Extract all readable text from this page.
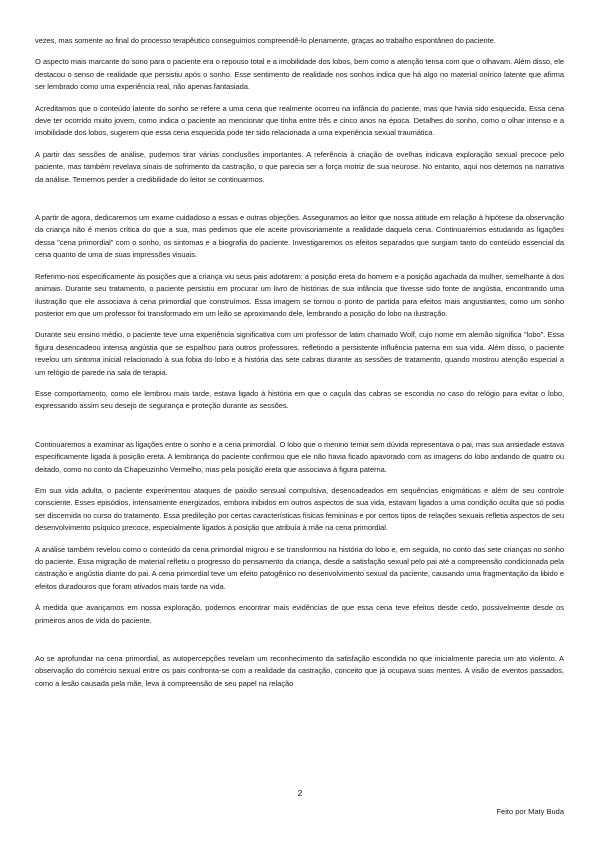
vezes, mas somente ao final do processo terapêutico conseguimos compreendê-lo plenamente, graças ao trabalho espontâneo do paciente.

O aspecto mais marcante do sono para o paciente era o repouso total e a imobilidade dos lobos, bem como a atenção tensa com que o olhavam. Além disso, ele destacou o senso de realidade que persistiu após o sonho. Esse sentimento de realidade nos sonhos indica que há algo no material onírico latente que afirma ser lembrado como uma experiência real, não apenas fantasiada.

Acreditamos que o conteúdo latente do sonho se refere a uma cena que realmente ocorreu na infância do paciente, mas que havia sido esquecida. Essa cena deve ter ocorrido muito jovem, como indica o paciente ao mencionar que tinha entre três e cinco anos na época. Detalhes do sonho, como o olhar intenso e a imobilidade dos lobos, sugerem que essa cena esquecida pode ter sido relacionada a uma experiência sexual traumática.

A partir das sessões de análise, pudemos tirar várias conclusões importantes. A referência à criação de ovelhas indicava exploração sexual precoce pelo paciente, mas também revelava sinais de sofrimento da castração, o que parecia ser a força motriz de sua neurose. No entanto, aqui nos detemos na narrativa da análise. Tememos perder a credibilidade do leitor se continuarmos.

A partir de agora, dedicaremos um exame cuidadoso a essas e outras objeções. Asseguramos ao leitor que nossa atitude em relação à hipótese da observação da criança não é menos crítica do que a sua, mas pedimos que ele aceite provisoriamente a realidade daquela cena. Continuaremos estudando as ligações dessa "cena primordial" com o sonho, os sintomas e a biografia do paciente. Investigaremos os efeitos separados que surgiam tanto do conteúdo essencial da cena quanto de uma de suas impressões visuais.

Referimo-nos especificamente às posições que a criança viu seus pais adotarem: a posição ereta do homem e a posição agachada da mulher, semelhante à dos animais. Durante seu tratamento, o paciente persistiu em procurar um livro de histórias de sua infância que tivesse sido fonte de angústia, encontrando uma ilustração que ele associava à cena primordial que construímos. Essa imagem se tornou o ponto de partida para efeitos mais angustiantes, como um sonho posterior em que um professor foi transformado em um leão se aproximando dele, lembrando a posição do lobo na ilustração.

Durante seu ensino médio, o paciente teve uma experiência significativa com um professor de latim chamado Wolf, cujo nome em alemão significa "lobo". Essa figura desencadeou intensa angústia que se espalhou para outros professores, refletindo a persistente influência paterna em sua vida. Além disso, o paciente revelou um sintoma inicial relacionado à sua fobia do lobo e à história das sete cabras durante as sessões de tratamento, quando mostrou atenção especial a um relógio de parede na sala de terapia.

Esse comportamento, como ele lembrou mais tarde, estava ligado à história em que o caçula das cabras se escondia no caso do relógio para evitar o lobo, expressando assim seu desejo de segurança e proteção durante as sessões.

Continuaremos a examinar as ligações entre o sonho e a cena primordial. O lobo que o menino temia sem dúvida representava o pai, mas sua ansiedade estava especificamente ligada à posição ereta. A lembrança do paciente confirmou que ele não havia ficado apavorado com as imagens do lobo andando de quatro ou deitado, como no conto da Chapeuzinho Vermelho, mas pela posição ereta que associava à figura paterna.

Em sua vida adulta, o paciente experimentou ataques de paixão sensual compulsiva, desencadeados em sequências enigmáticas e além de seu controle consciente. Esses episódios, intensamente energizados, embora inibidos em outros aspectos de sua vida, estavam ligados a uma condição oculta que só podia ser discernida no curso do tratamento. Essa predileção por certas características físicas femininas e por certos tipos de relações sexuais refletia aspectos de seu desenvolvimento psíquico precoce, especialmente ligados à posição que atribuía à mãe na cena primordial.

A análise também revelou como o conteúdo da cena primordial migrou e se transformou na história do lobo e, em seguida, no conto das sete crianças no sonho do paciente. Essa migração de material refletiu o progresso do pensamento da criança, desde a satisfação sexual pelo pai até a compreensão condicionada pela castração e angústia diante do pai. A cena primordial teve um efeito patogênico no desenvolvimento sexual da paciente, causando uma fragmentação da libido e efeitos duradouros que foram ativados mais tarde na vida.

À medida que avançamos em nossa exploração, podemos encontrar mais evidências de que essa cena teve efeitos desde cedo, possivelmente desde os primeiros anos de vida do paciente.

Ao se aprofundar na cena primordial, as autopercepções revelam um reconhecimento da satisfação escondida no que inicialmente parecia um ato violento. A observação do comércio sexual entre os pais confronta-se com a realidade da castração, conceito que já ocupava suas mentes. A visão de eventos passados, como a lesão causada pela mãe, leva à compreensão de seu papel na relação

2
Feito por Maty Buda
